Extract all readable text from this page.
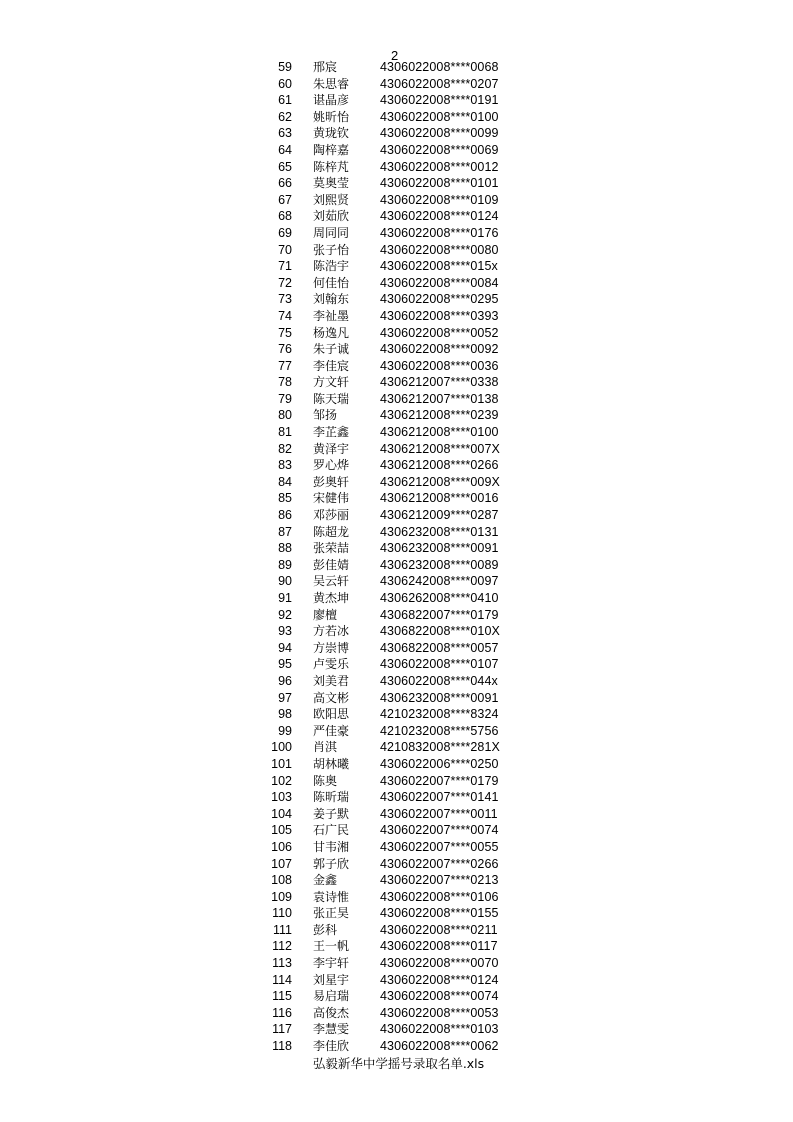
2
59 邢宸	4306022008****0068
60 朱思睿 4306022008****0207
61 谌晶彦 4306022008****0191
62 姚昕怡 4306022008****0100
63 黄珑钦 4306022008****0099
64 陶梓嘉 4306022008****0069
65 陈梓芃 4306022008****0012
66 莫奥莹 4306022008****0101
67 刘熙贤 4306022008****0109
68 刘茹欣 4306022008****0124
69 周同同 4306022008****0176
70 张子怡 4306022008****0080
71 陈浩宇 4306022008****015x
72 何佳怡 4306022008****0084
73 刘翰东 4306022008****0295
74 李祉墨 4306022008****0393
75 杨逸凡 4306022008****0052
76 朱子诚 4306022008****0092
77 李佳宸 4306022008****0036
78 方文轩 4306212007****0338
79 陈天瑞 4306212007****0138
80 邹扬	4306212008****0239
81 李芷鑫 4306212008****0100
82 黄泽宇 4306212008****007X
83 罗心烨 4306212008****0266
84 彭奥轩 4306212008****009X
85 宋健伟 4306212008****0016
86 邓莎丽 4306212009****0287
87 陈超龙 4306232008****0131
88 张荣喆 4306232008****0091
89 彭佳婧 4306232008****0089
90 吴云轩 4306242008****0097
91 黄杰坤 4306262008****0410
92 廖檀	4306822007****0179
93 方若冰 4306822008****010X
94 方崇博 4306822008****0057
95 卢雯乐 4306022008****0107
96 刘美君 4306022008****044x
97 高文彬 4306232008****0091
98 欧阳思 4210232008****8324
99 严佳豪 4210232008****5756
100 肖淇	4210832008****281X
101 胡林曦 4306022006****0250
102 陈奥	4306022007****0179
103 陈昕瑞 4306022007****0141
104 姜子默 4306022007****0011
105 石广民 4306022007****0074
106 甘韦湘 4306022007****0055
107 郭子欣 4306022007****0266
108 金鑫	4306022007****0213
109 袁诗惟 4306022008****0106
110 张正昊 4306022008****0155
111 彭科	4306022008****0211
112 王一帆 4306022008****0117
113 李宇轩 4306022008****0070
114 刘星宇 4306022008****0124
115 易启瑞 4306022008****0074
116 高俊杰 4306022008****0053
117 李慧雯 4306022008****0103
118 李佳欣 4306022008****0062
弘毅新华中学摇号录取名单.xls
